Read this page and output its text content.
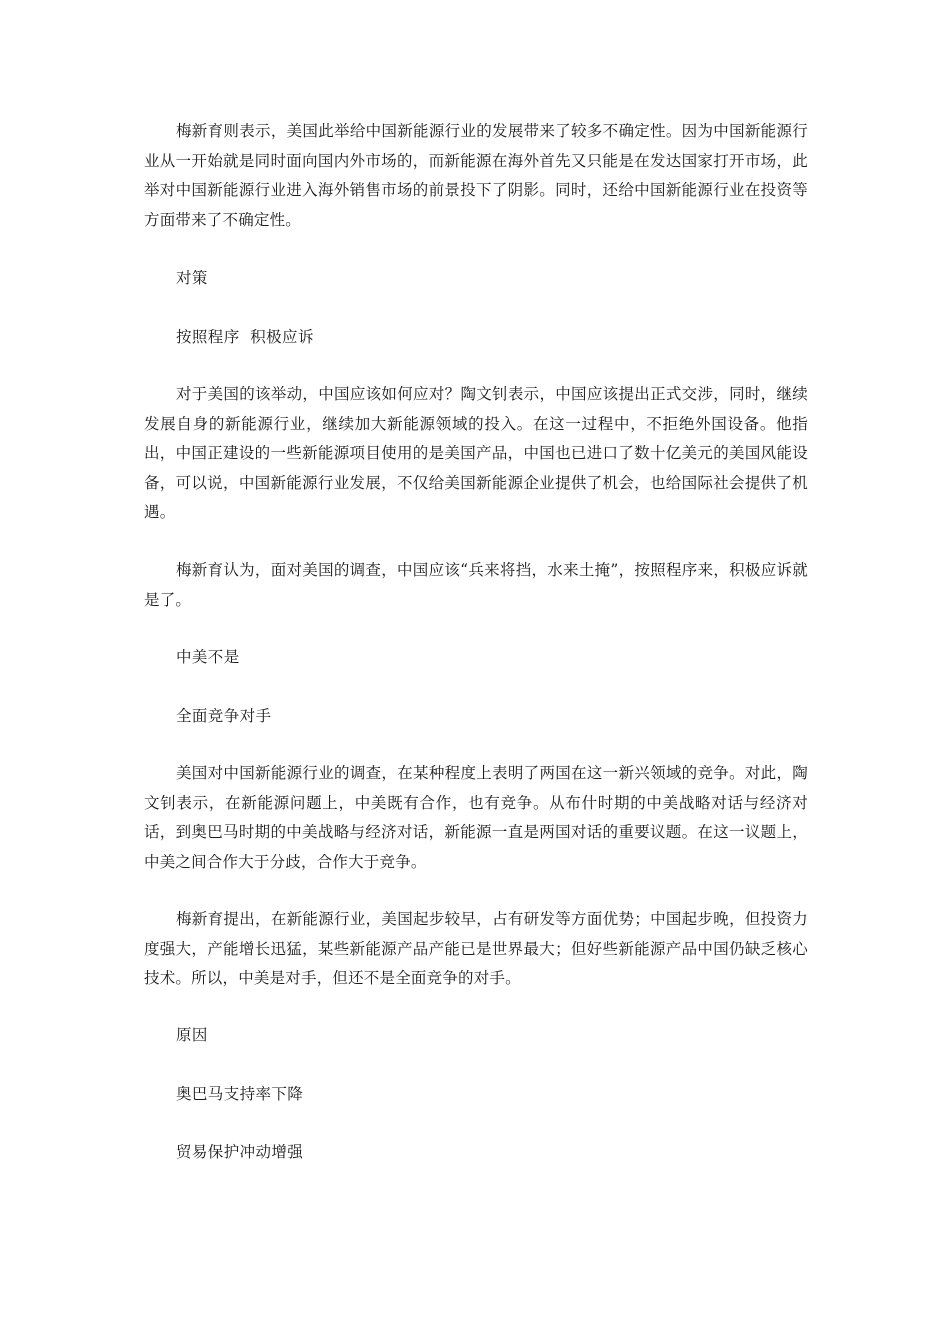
梅新育则表示，美国此举给中国新能源行业的发展带来了较多不确定性。因为中国新能源行业从一开始就是同时面向国内外市场的，而新能源在海外首先又只能是在发达国家打开市场，此举对中国新能源行业进入海外销售市场的前景投下了阴影。同时，还给中国新能源行业在投资等方面带来了不确定性。

对策

按照程序  积极应诉

对于美国的该举动，中国应该如何应对？陶文钊表示，中国应该提出正式交涉，同时，继续发展自身的新能源行业，继续加大新能源领域的投入。在这一过程中，不拒绝外国设备。他指出，中国正建设的一些新能源项目使用的是美国产品，中国也已进口了数十亿美元的美国风能设备，可以说，中国新能源行业发展，不仅给美国新能源企业提供了机会，也给国际社会提供了机遇。

梅新育认为，面对美国的调查，中国应该“兵来将挡，水来土掩”，按照程序来，积极应诉就是了。

中美不是

全面竞争对手

美国对中国新能源行业的调查，在某种程度上表明了两国在这一新兴领域的竞争。对此，陶文钊表示，在新能源问题上，中美既有合作，也有竞争。从布什时期的中美战略对话与经济对话，到奥巴马时期的中美战略与经济对话，新能源一直是两国对话的重要议题。在这一议题上，中美之间合作大于分歧，合作大于竞争。

梅新育提出，在新能源行业，美国起步较早，占有研发等方面优势；中国起步晚，但投资力度强大，产能增长迅猛，某些新能源产品产能已是世界最大；但好些新能源产品中国仍缺乏核心技术。所以，中美是对手，但还不是全面竞争的对手。

原因

奥巴马支持率下降

贸易保护冲动增强
